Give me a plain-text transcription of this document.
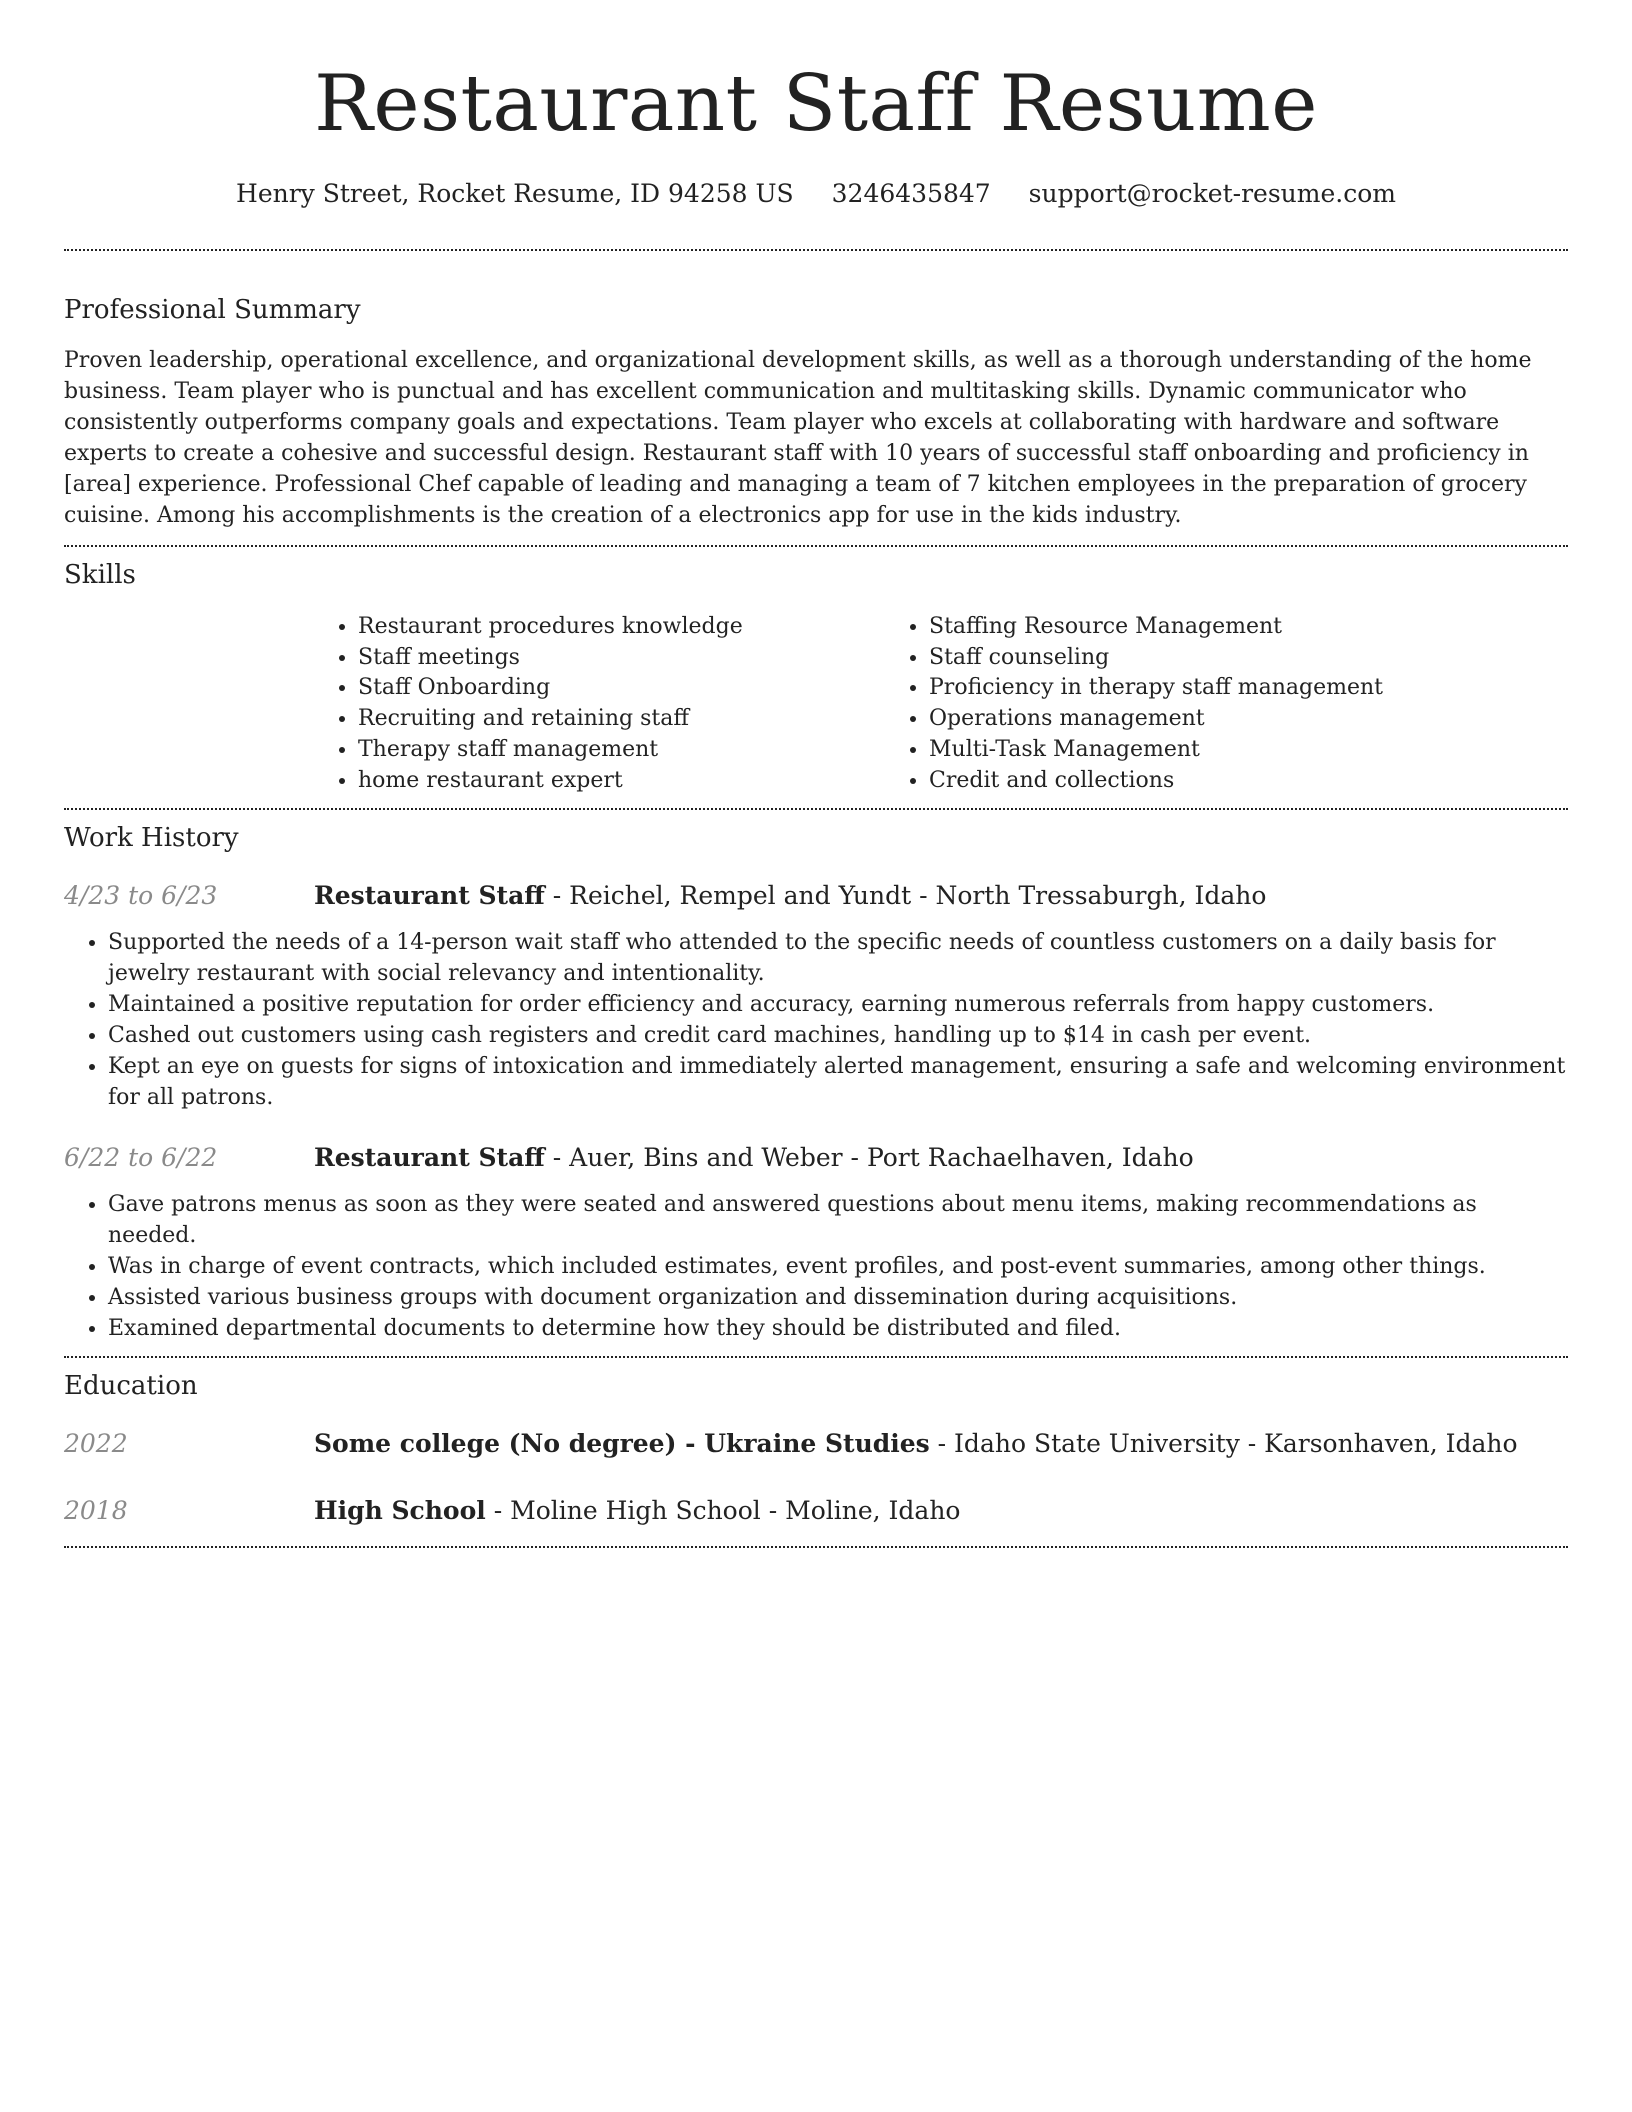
Restaurant Staff Resume
Henry Street, Rocket Resume, ID 94258 US 3246435847 support@rocket-resume.com
Professional Summary

Proven leadership, operational excellence, and organizational development skills, as well as a thorough understanding of the home business. Team player who is punctual and has excellent communication and multitasking skills. Dynamic communicator who consistently outperforms company goals and expectations. Team player who excels at collaborating with hardware and software experts to create a cohesive and successful design. Restaurant staff with 10 years of successful staff onboarding and proficiency in [area] experience. Professional Chef capable of leading and managing a team of 7 kitchen employees in the preparation of grocery cuisine. Among his accomplishments is the creation of a electronics app for use in the kids industry.

Skills
• Restaurant procedures knowledge
• Staff meetings
• Staff Onboarding
• Recruiting and retaining staff
• Therapy staff management
• home restaurant expert
• Staffing Resource Management
• Staff counseling
• Proficiency in therapy staff management
• Operations management
• Multi-Task Management
• Credit and collections
Work History
4/23 to 6/23	Restaurant Staff - Reichel, Rempel and Yundt - North Tressaburgh, Idaho
• Supported the needs of a 14-person wait staff who attended to the specific needs of countless customers on a daily basis for jewelry restaurant with social relevancy and intentionality.
• Maintained a positive reputation for order efficiency and accuracy, earning numerous referrals from happy customers.
• Cashed out customers using cash registers and credit card machines, handling up to $14 in cash per event.
• Kept an eye on guests for signs of intoxication and immediately alerted management, ensuring a safe and welcoming environment for all patrons.
6/22 to 6/22	Restaurant Staff - Auer, Bins and Weber - Port Rachaelhaven, Idaho
• Gave patrons menus as soon as they were seated and answered questions about menu items, making recommendations as needed.
• Was in charge of event contracts, which included estimates, event profiles, and post-event summaries, among other things.
• Assisted various business groups with document organization and dissemination during acquisitions.
• Examined departmental documents to determine how they should be distributed and filed.
Education
2022	Some college (No degree) - Ukraine Studies - Idaho State University - Karsonhaven, Idaho
2018	High School - Moline High School - Moline, Idaho
